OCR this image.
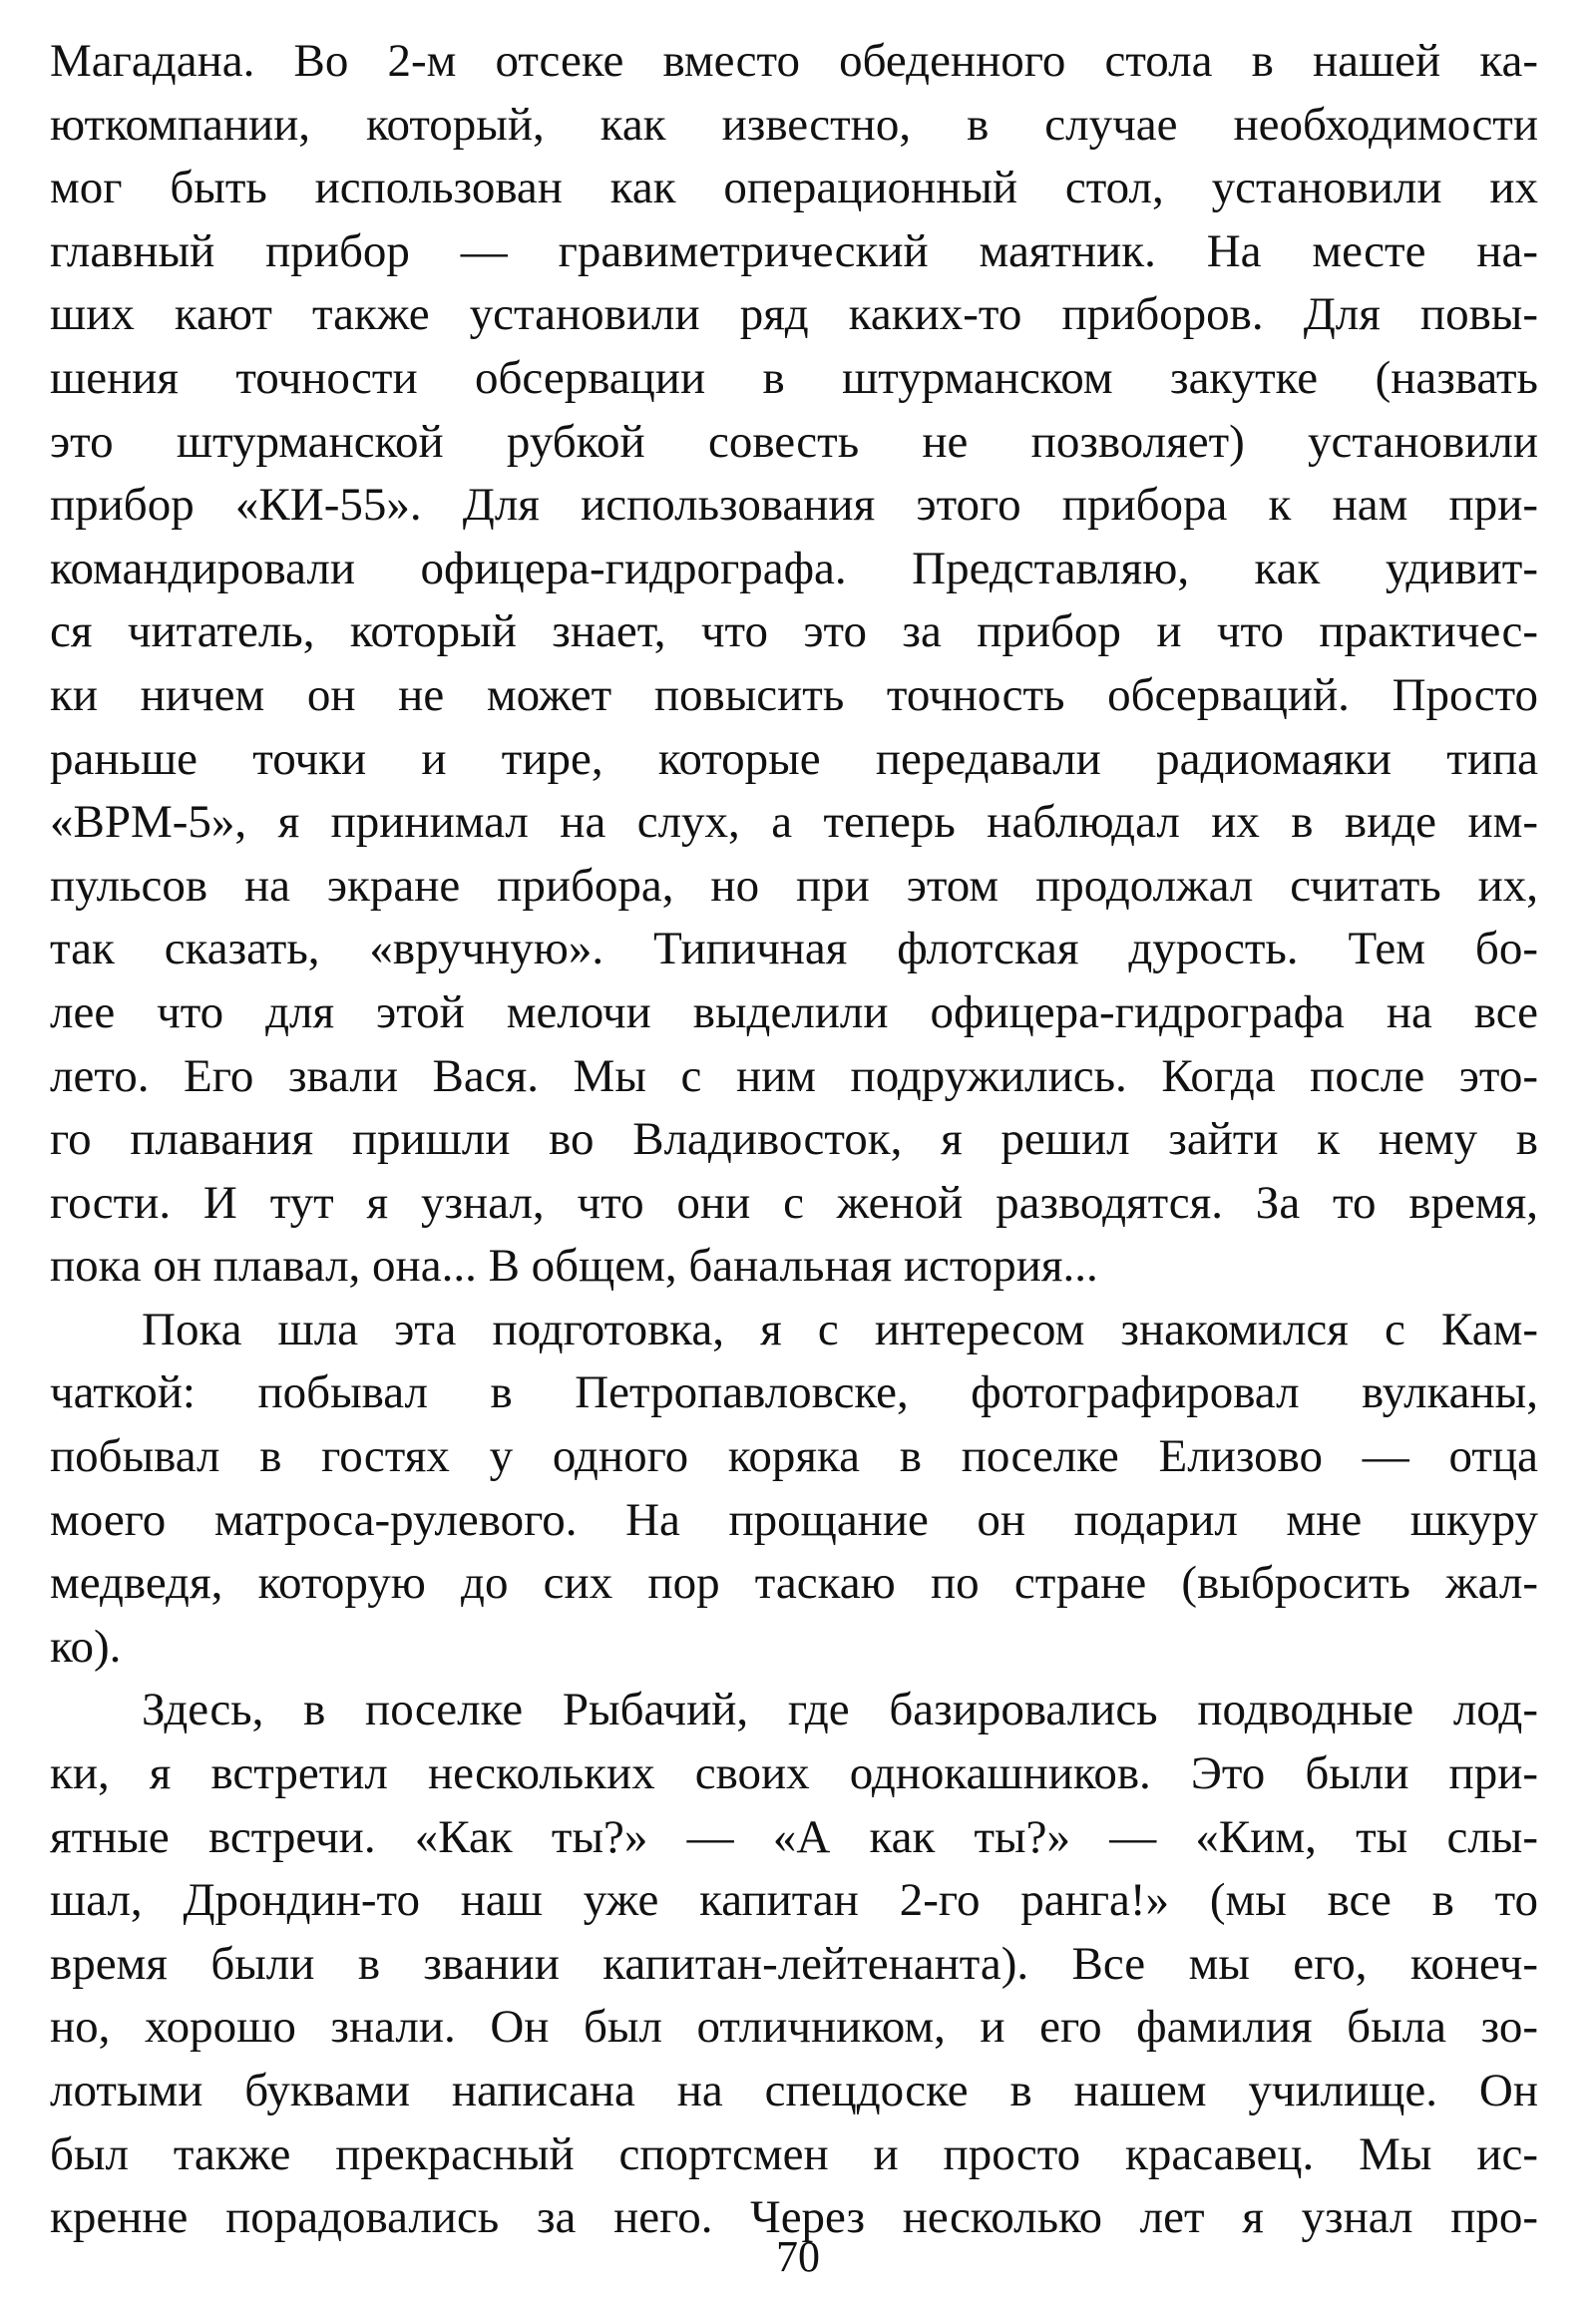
Магадана. Во 2-м отсеке вместо обеденного стола в нашей ка-
юткомпании, который, как известно, в случае необходимости
мог быть использован как операционный стол, установили их
главный прибор — гравиметрический маятник. На месте на-
ших кают также установили ряд каких-то приборов. Для повы-
шения точности обсервации в штурманском закутке (назвать
это штурманской рубкой совесть не позволяет) установили
прибор «КИ-55». Для использования этого прибора к нам при-
командировали офицера-гидрографа. Представляю, как удивит-
ся читатель, который знает, что это за прибор и что практичес-
ки ничем он не может повысить точность обсерваций. Просто
раньше точки и тире, которые передавали радиомаяки типа
«ВРМ-5», я принимал на слух, а теперь наблюдал их в виде им-
пульсов на экране прибора, но при этом продолжал считать их,
так сказать, «вручную». Типичная флотская дурость. Тем бо-
лее что для этой мелочи выделили офицера-гидрографа на все
лето. Его звали Вася. Мы с ним подружились. Когда после это-
го плавания пришли во Владивосток, я решил зайти к нему в
гости. И тут я узнал, что они с женой разводятся. За то время,
пока он плавал, она... В общем, банальная история...
Пока шла эта подготовка, я с интересом знакомился с Кам-
чаткой: побывал в Петропавловске, фотографировал вулканы,
побывал в гостях у одного коряка в поселке Елизово — отца
моего матроса-рулевого. На прощание он подарил мне шкуру
медведя, которую до сих пор таскаю по стране (выбросить жал-
ко).
Здесь, в поселке Рыбачий, где базировались подводные лод-
ки, я встретил нескольких своих однокашников. Это были при-
ятные встречи. «Как ты?» — «А как ты?» — «Ким, ты слы-
шал, Дрондин-то наш уже капитан 2-го ранга!» (мы все в то
время были в звании капитан-лейтенанта). Все мы его, конеч-
но, хорошо знали. Он был отличником, и его фамилия была зо-
лотыми буквами написана на спецдоске в нашем училище. Он
был также прекрасный спортсмен и просто красавец. Мы ис-
кренне порадовались за него. Через несколько лет я узнал про-
70
